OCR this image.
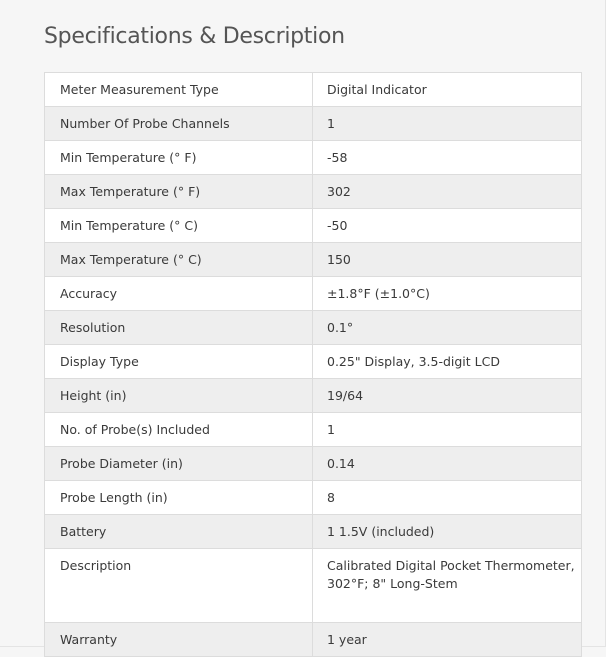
Specifications & Description
Meter Measurement Type	Digital Indicator
Number Of Probe Channels	1
Min Temperature (° F)	-58
Max Temperature (° F)	302
Min Temperature (° C)	-50
Max Temperature (° C)	150
Accuracy	±1.8°F (±1.0°C)
Resolution	0.1°
Display Type	0.25" Display, 3.5-digit LCD
Height (in)	19/64
No. of Probe(s) Included	1
Probe Diameter (in)	0.14
Probe Length (in)	8
Battery	1 1.5V (included)
Description	Calibrated Digital Pocket Thermometer, 302°F; 8" Long-Stem
Warranty	1 year
